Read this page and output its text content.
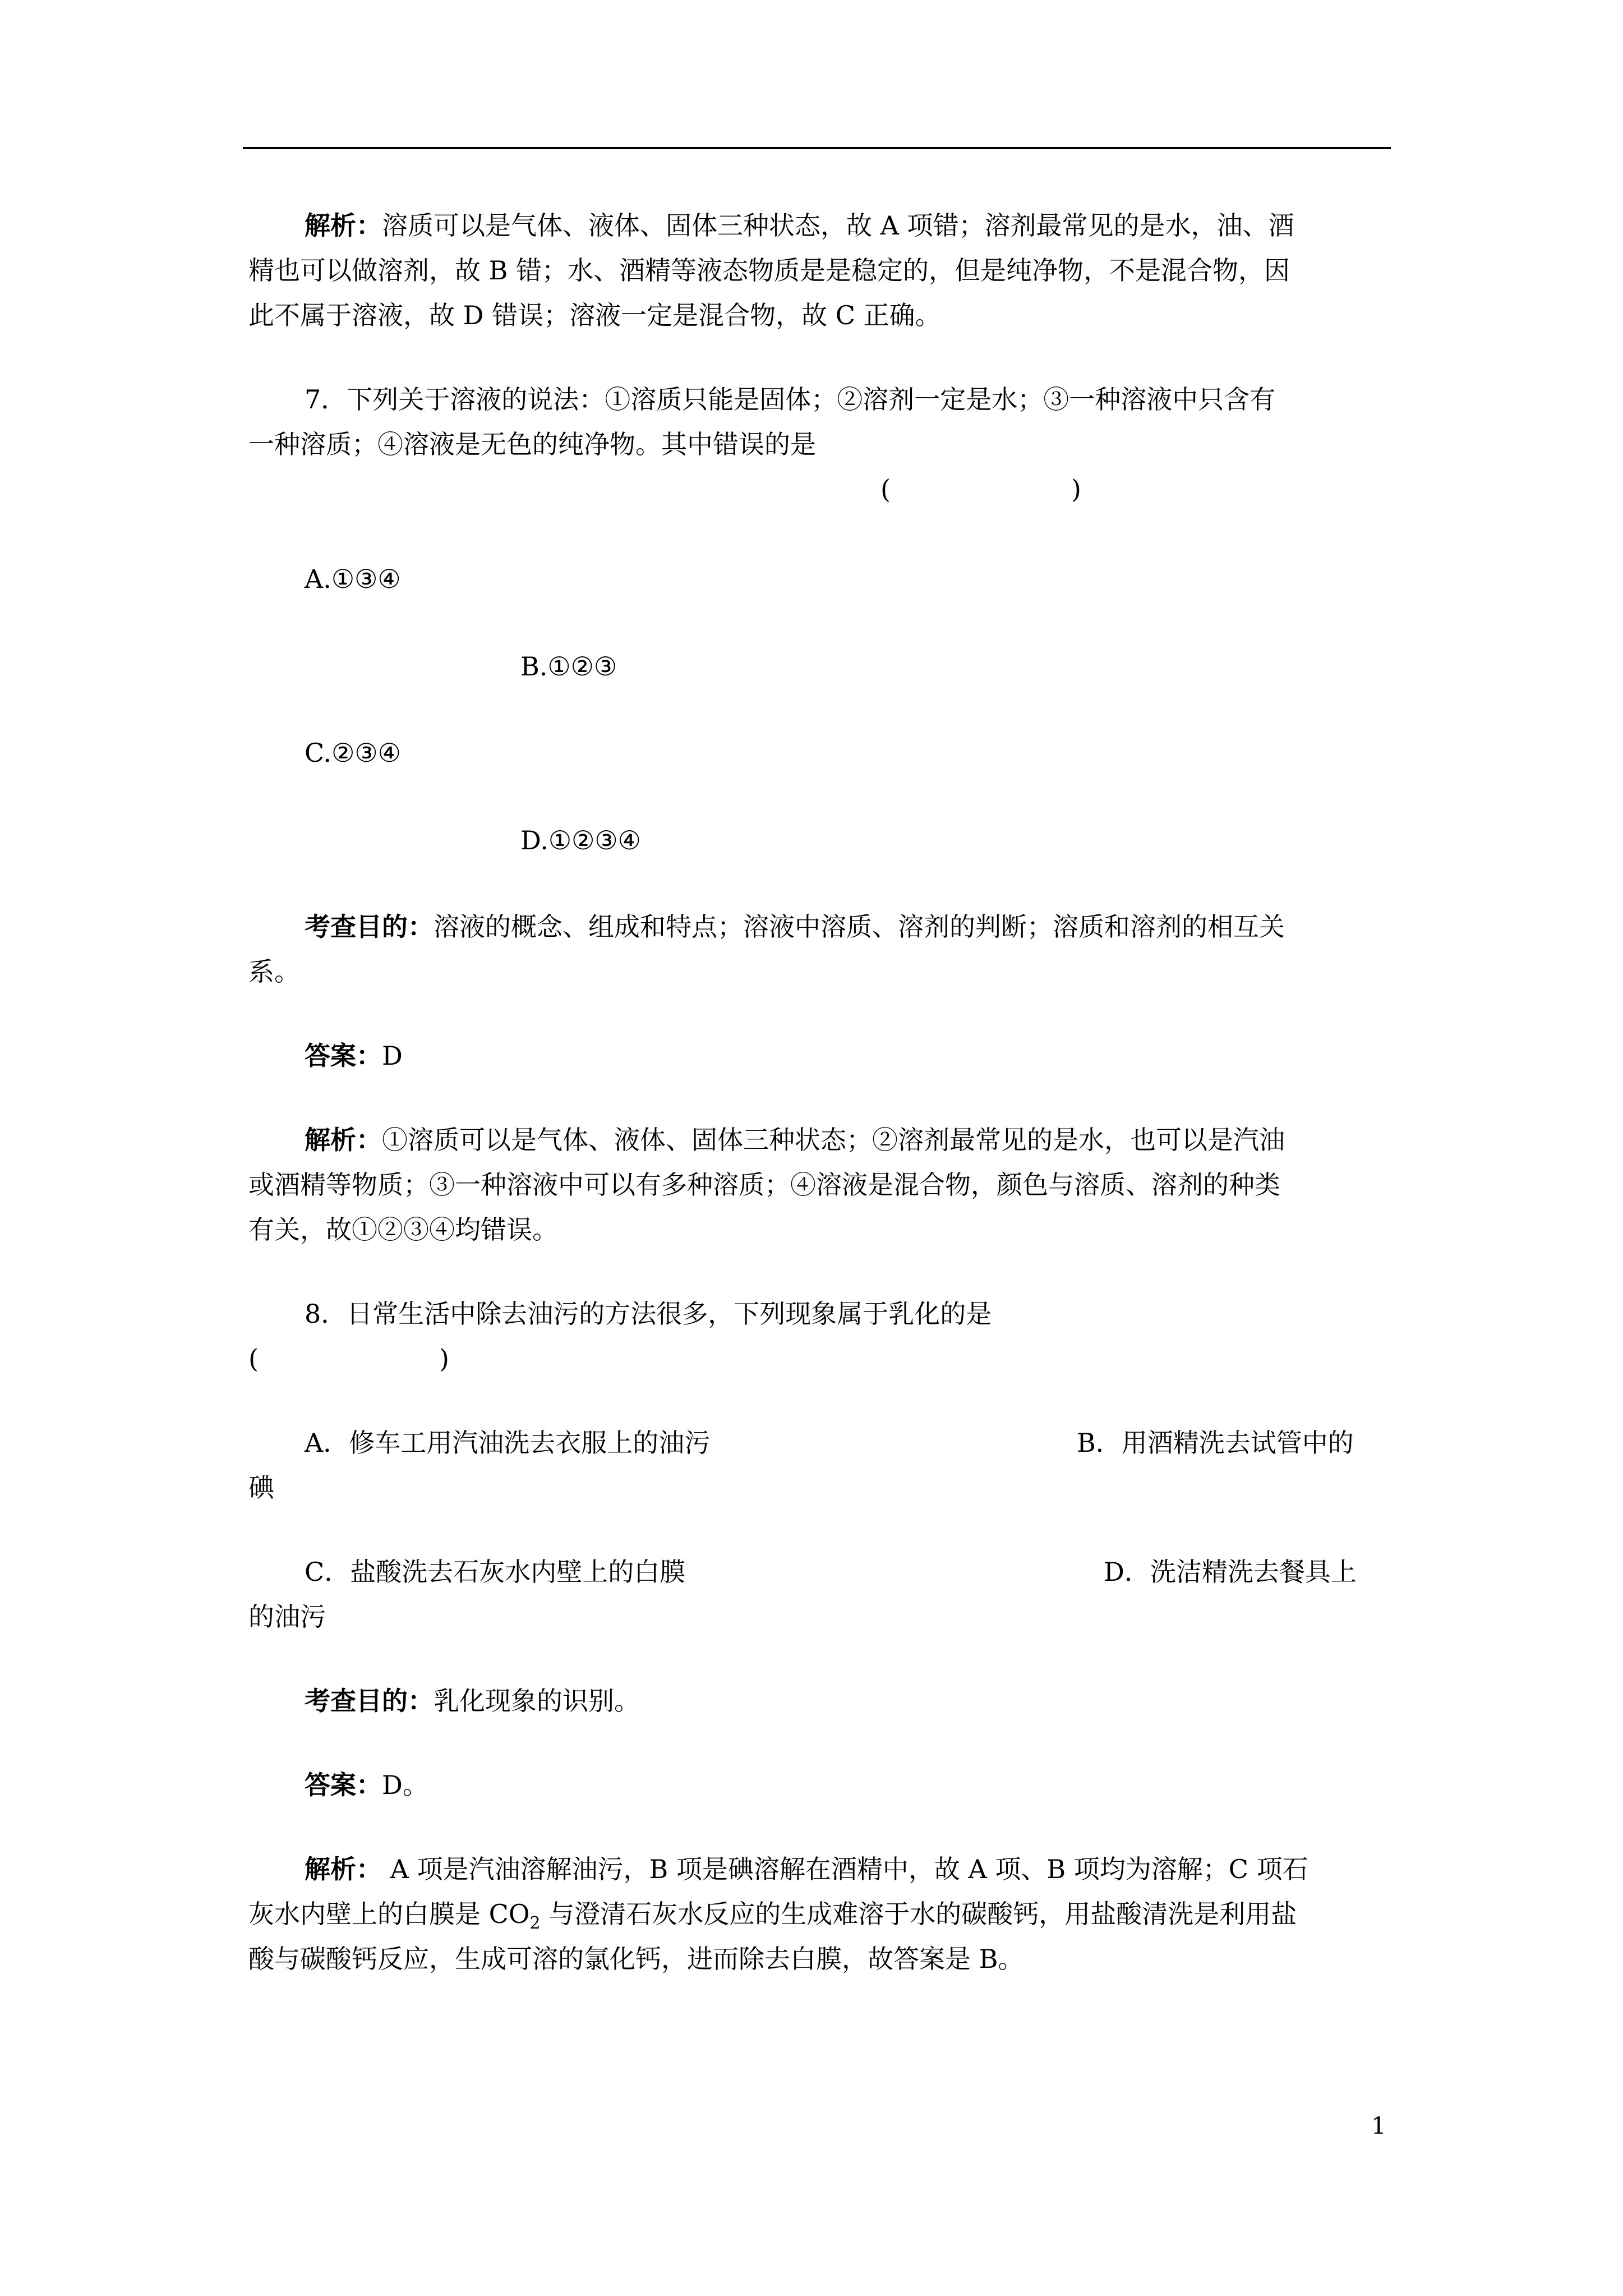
解析：溶质可以是气体、液体、固体三种状态，故 A 项错；溶剂最常见的是水，油、酒
精也可以做溶剂，故 B 错；水、酒精等液态物质是是稳定的，但是纯净物，不是混合物，因
此不属于溶液，故 D 错误；溶液一定是混合物，故 C 正确。
7．下列关于溶液的说法：①溶质只能是固体；②溶剂一定是水；③一种溶液中只含有
一种溶质；④溶液是无色的纯净物。其中错误的是
(　　　　　　　)
A.①③④
B.①②③
C.②③④
D.①②③④
考查目的：溶液的概念、组成和特点；溶液中溶质、溶剂的判断；溶质和溶剂的相互关
系。
答案：D
解析：①溶质可以是气体、液体、固体三种状态；②溶剂最常见的是水，也可以是汽油
或酒精等物质；③一种溶液中可以有多种溶质；④溶液是混合物，颜色与溶质、溶剂的种类
有关，故①②③④均错误。
8．日常生活中除去油污的方法很多，下列现象属于乳化的是
(　　　　　　　)
A．修车工用汽油洗去衣服上的油污	B．用酒精洗去试管中的
碘
C．盐酸洗去石灰水内壁上的白膜	D．洗洁精洗去餐具上
的油污
考查目的：乳化现象的识别。
答案：D。
解析： A 项是汽油溶解油污，B 项是碘溶解在酒精中，故 A 项、B 项均为溶解；C 项石
灰水内壁上的白膜是 $CO_2$ 与澄清石灰水反应的生成难溶于水的碳酸钙，用盐酸清洗是利用盐
酸与碳酸钙反应，生成可溶的氯化钙，进而除去白膜，故答案是 B。
1
